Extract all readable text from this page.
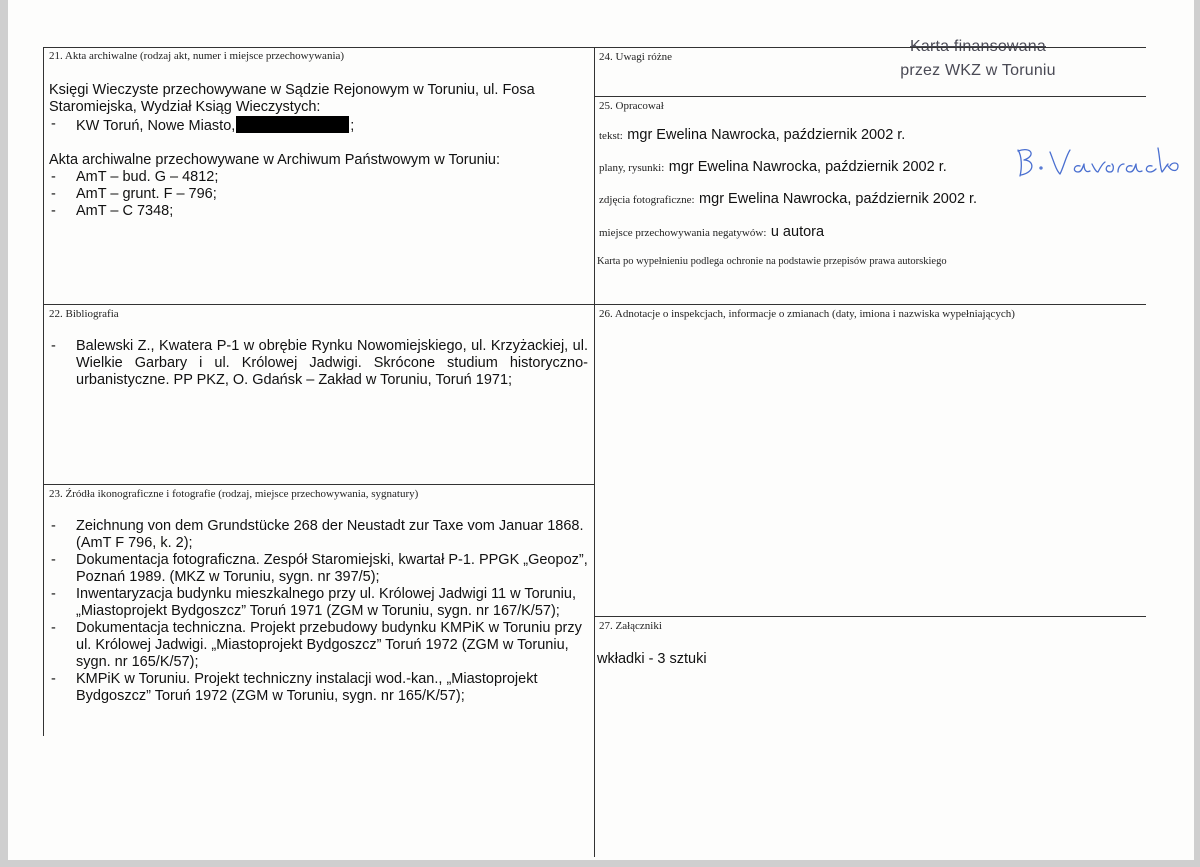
Karta finansowana
przez WKZ w Toruniu
21. Akta archiwalne (rodzaj akt, numer i miejsce przechowywania)
Księgi Wieczyste przechowywane w Sądzie Rejonowym w Toruniu, ul. Fosa Staromiejska, Wydział Ksiąg Wieczystych:
- KW Toruń, Nowe Miasto,	;
Akta archiwalne przechowywane w Archiwum Państwowym w Toruniu:
- AmT – bud. G – 4812;
- AmT – grunt. F – 796;
- AmT – C 7348;
22. Bibliografia
- Balewski Z., Kwatera P-1 w obrębie Rynku Nowomiejskiego, ul. Krzyżackiej, ul. Wielkie Garbary i ul. Królowej Jadwigi. Skrócone studium historyczno-urbanistyczne. PP PKZ, O. Gdańsk – Zakład w Toruniu, Toruń 1971;
23. Źródła ikonograficzne i fotografie (rodzaj, miejsce przechowywania, sygnatury)
- Zeichnung von dem Grundstücke 268 der Neustadt zur Taxe vom Januar 1868. (AmT F 796, k. 2);
- Dokumentacja fotograficzna. Zespół Staromiejski, kwartał P-1. PPGK „Geopoz”, Poznań 1989. (MKZ w Toruniu, sygn. nr 397/5);
- Inwentaryzacja budynku mieszkalnego przy ul. Królowej Jadwigi 11 w Toruniu, „Miastoprojekt Bydgoszcz” Toruń 1971 (ZGM w Toruniu, sygn. nr 167/K/57);
- Dokumentacja techniczna. Projekt przebudowy budynku KMPiK w Toruniu przy ul. Królowej Jadwigi. „Miastoprojekt Bydgoszcz” Toruń 1972 (ZGM w Toruniu, sygn. nr 165/K/57);
- KMPiK w Toruniu. Projekt techniczny instalacji wod.-kan., „Miastoprojekt Bydgoszcz” Toruń 1972 (ZGM w Toruniu, sygn. nr 165/K/57);
24. Uwagi różne
25. Opracował
tekst: mgr Ewelina Nawrocka, październik 2002 r.
plany, rysunki: mgr Ewelina Nawrocka, październik 2002 r.
zdjęcia fotograficzne: mgr Ewelina Nawrocka, październik 2002 r.
miejsce przechowywania negatywów: u autora
Karta po wypełnieniu podlega ochronie na podstawie przepisów prawa autorskiego
26. Adnotacje o inspekcjach, informacje o zmianach (daty, imiona i nazwiska wypełniających)
27. Załączniki
wkładki - 3 sztuki
